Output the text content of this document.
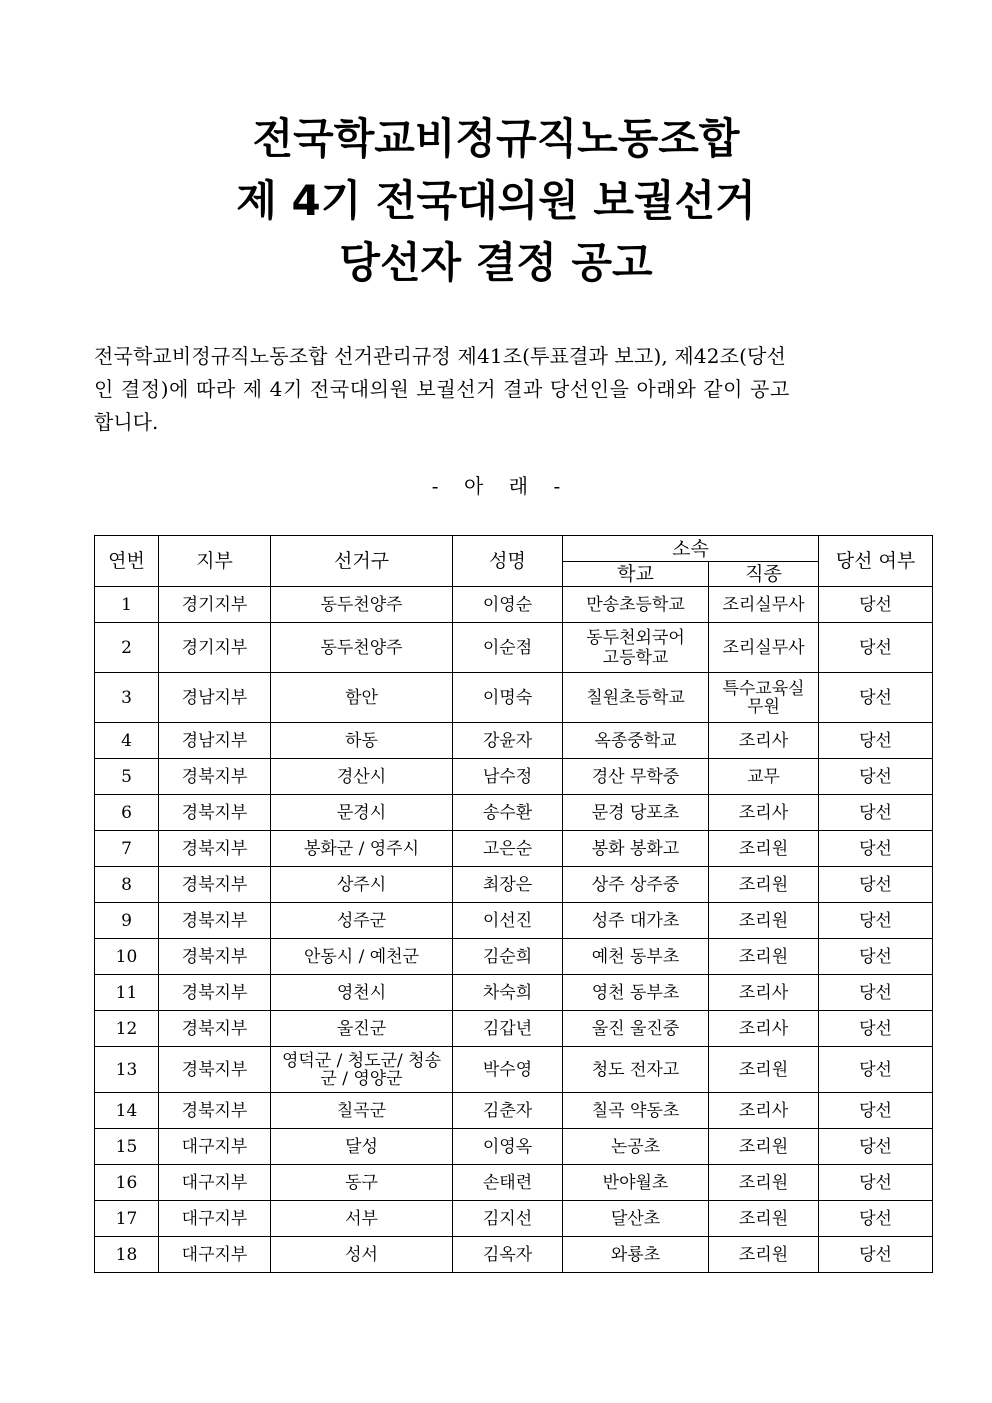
전국학교비정규직노동조합
제 4기 전국대의원 보궐선거
당선자 결정 공고
전국학교비정규직노동조합 선거관리규정 제41조(투표결과 보고), 제42조(당선
인 결정)에 따라 제 4기 전국대의원 보궐선거 결과 당선인을 아래와 같이 공고
합니다.
-    아    래    -
연번	지부	선거구	성명	소속		당선 여부
				학교	직종	
1	경기지부	동두천양주	이영순	만송초등학교	조리실무사	당선
2	경기지부	동두천양주	이순점	동두천외국어 고등학교	조리실무사	당선
3	경남지부	함안	이명숙	칠원초등학교	특수교육실 무원	당선
4	경남지부	하동	강윤자	옥종중학교	조리사	당선
5	경북지부	경산시	남수정	경산 무학중	교무	당선
6	경북지부	문경시	송수환	문경 당포초	조리사	당선
7	경북지부	봉화군 / 영주시	고은순	봉화 봉화고	조리원	당선
8	경북지부	상주시	최장은	상주 상주중	조리원	당선
9	경북지부	성주군	이선진	성주 대가초	조리원	당선
10	경북지부	안동시 / 예천군	김순희	예천 동부초	조리원	당선
11	경북지부	영천시	차숙희	영천 동부초	조리사	당선
12	경북지부	울진군	김갑년	울진 울진중	조리사	당선
13	경북지부	영덕군 / 청도군/ 청송군 / 영양군	박수영	청도 전자고	조리원	당선
14	경북지부	칠곡군	김춘자	칠곡 약동초	조리사	당선
15	대구지부	달성	이영옥	논공초	조리원	당선
16	대구지부	동구	손태련	반야월초	조리원	당선
17	대구지부	서부	김지선	달산초	조리원	당선
18	대구지부	성서	김옥자	와룡초	조리원	당선
